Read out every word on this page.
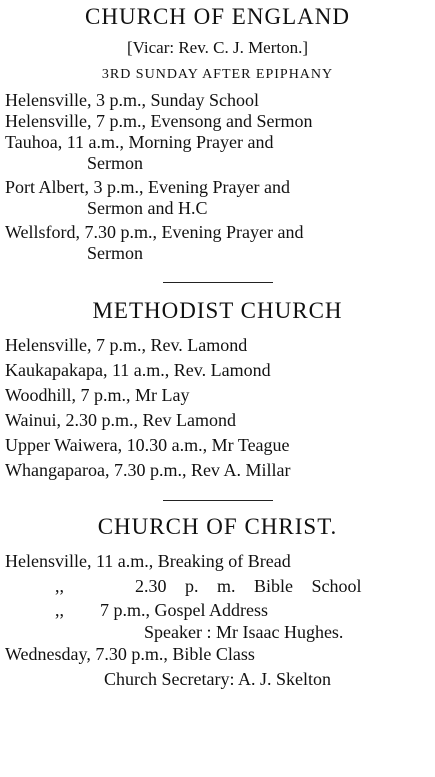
CHURCH OF ENGLAND

[Vicar: Rev. C. J. Merton.]

3RD SUNDAY AFTER EPIPHANY

Helensville, 3 p.m., Sunday School

Helensville, 7 p.m., Evensong and Sermon

Tauhoa, 11 a.m., Morning Prayer and
Sermon

Port Albert, 3 p.m., Evening Prayer and
Sermon and H.C

Wellsford, 7.30 p.m., Evening Prayer and
Sermon

METHODIST CHURCH

Helensville, 7 p.m., Rev. Lamond

Kaukapakapa, 11 a.m., Rev. Lamond

Woodhill, 7 p.m., Mr Lay

Wainui, 2.30 p.m., Rev Lamond

Upper Waiwera, 10.30 a.m., Mr Teague

Whangaparoa, 7.30 p.m., Rev A. Millar

CHURCH OF CHRIST.

Helensville, 11 a.m., Breaking of Bread

,,	2.30 p. m. Bible School

,,	7 p.m., Gospel Address

Speaker : Mr Isaac Hughes.

Wednesday, 7.30 p.m., Bible Class

Church Secretary: A. J. Skelton
